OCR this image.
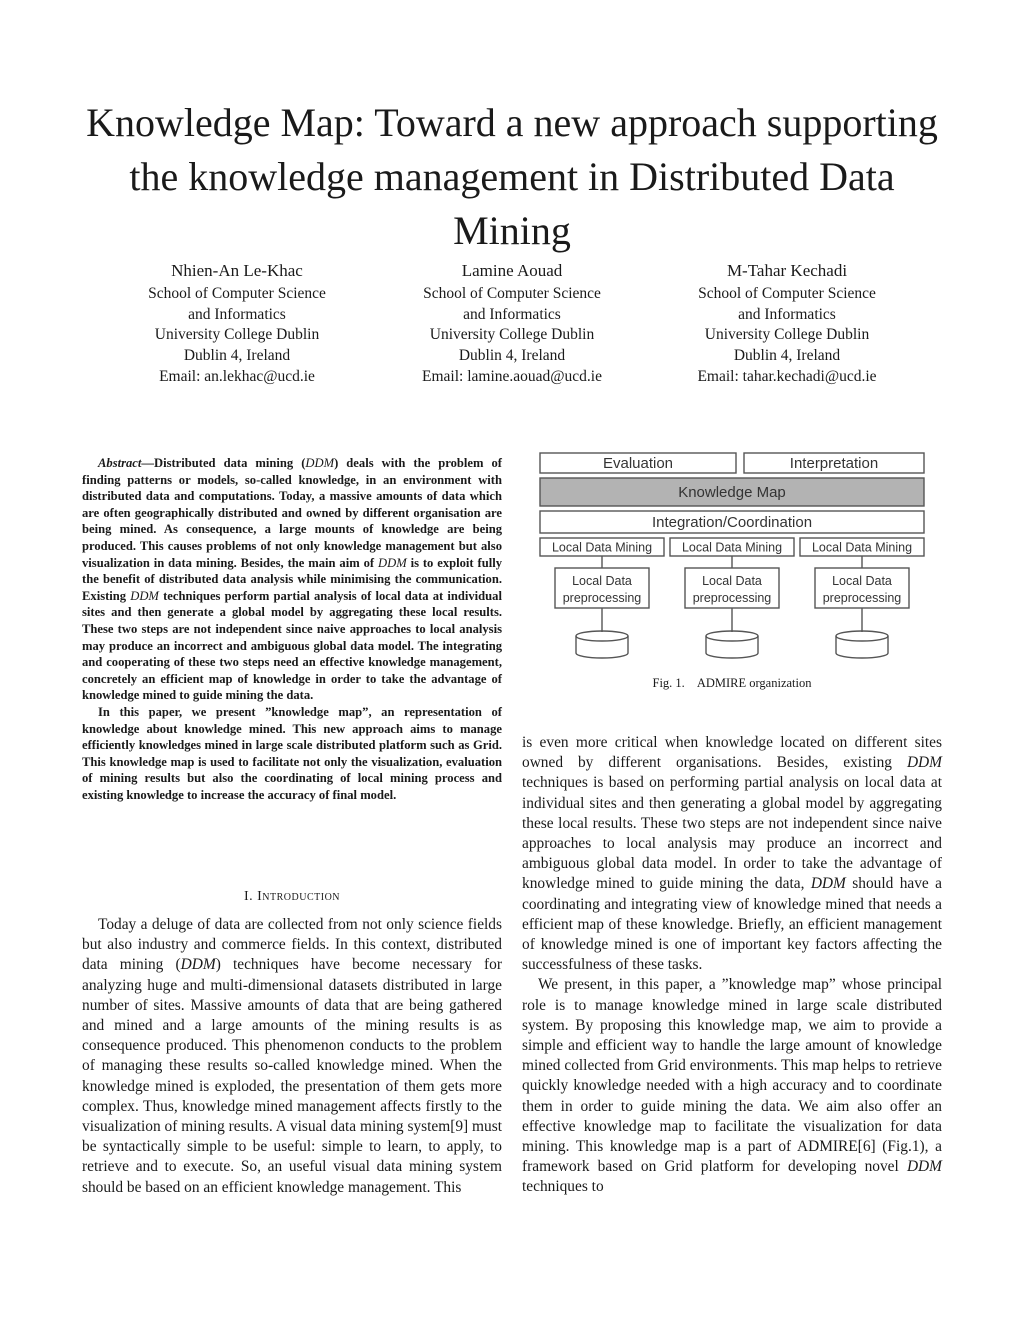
Knowledge Map: Toward a new approach supporting the knowledge management in Distributed Data Mining
Nhien-An Le-Khac
School of Computer Science
and Informatics
University College Dublin
Dublin 4, Ireland
Email: an.lekhac@ucd.ie
Lamine Aouad
School of Computer Science
and Informatics
University College Dublin
Dublin 4, Ireland
Email: lamine.aouad@ucd.ie
M-Tahar Kechadi
School of Computer Science
and Informatics
University College Dublin
Dublin 4, Ireland
Email: tahar.kechadi@ucd.ie

Abstract—Distributed data mining (DDM) deals with the problem of finding patterns or models, so-called knowledge, in an environment with distributed data and computations. Today, a massive amounts of data which are often geographically distributed and owned by different organisation are being mined. As consequence, a large mounts of knowledge are being produced. This causes problems of not only knowledge management but also visualization in data mining. Besides, the main aim of DDM is to exploit fully the benefit of distributed data analysis while minimising the communication. Existing DDM techniques perform partial analysis of local data at individual sites and then generate a global model by aggregating these local results. These two steps are not independent since naive approaches to local analysis may produce an incorrect and ambiguous global data model. The integrating and cooperating of these two steps need an effective knowledge management, concretely an efficient map of knowledge in order to take the advantage of knowledge mined to guide mining the data.

In this paper, we present ”knowledge map”, an representation of knowledge about knowledge mined. This new approach aims to manage efficiently knowledges mined in large scale distributed platform such as Grid. This knowledge map is used to facilitate not only the visualization, evaluation of mining results but also the coordinating of local mining process and existing knowledge to increase the accuracy of final model.

I. Introduction

Today a deluge of data are collected from not only science fields but also industry and commerce fields. In this context, distributed data mining (DDM) techniques have become necessary for analyzing huge and multi-dimensional datasets distributed in large number of sites. Massive amounts of data that are being gathered and mined and a large amounts of the mining results is as consequence produced. This phenomenon conducts to the problem of managing these results so-called knowledge mined. When the knowledge mined is exploded, the presentation of them gets more complex. Thus, knowledge mined management affects firstly to the visualization of mining results. A visual data mining system[9] must be syntactically simple to be useful: simple to learn, to apply, to retrieve and to execute. So, an useful visual data mining system should be based on an efficient knowledge management. This

Evaluation	Interpretation
Knowledge Map
Integration/Coordination
Local Data Mining Local Data Mining Local Data Mining
Local Data
preprocessing
Local Data
preprocessing
Local Data
preprocessing
Fig. 1. ADMIRE organization

is even more critical when knowledge located on different sites owned by different organisations. Besides, existing DDM techniques is based on performing partial analysis on local data at individual sites and then generating a global model by aggregating these local results. These two steps are not independent since naive approaches to local analysis may produce an incorrect and ambiguous global data model. In order to take the advantage of knowledge mined to guide mining the data, DDM should have a coordinating and integrating view of knowledge mined that needs a efficient map of these knowledge. Briefly, an efficient management of knowledge mined is one of important key factors affecting the successfulness of these tasks.

We present, in this paper, a ”knowledge map” whose principal role is to manage knowledge mined in large scale distributed system. By proposing this knowledge map, we aim to provide a simple and efficient way to handle the large amount of knowledge mined collected from Grid environments. This map helps to retrieve quickly knowledge needed with a high accuracy and to coordinate them in order to guide mining the data. We aim also offer an effective knowledge map to facilitate the visualization for data mining. This knowledge map is a part of ADMIRE[6] (Fig.1), a framework based on Grid platform for developing novel DDM techniques to
